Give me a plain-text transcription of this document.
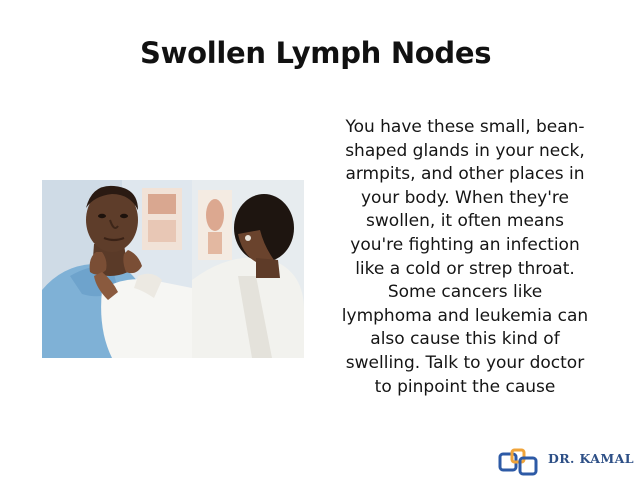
Swollen Lymph Nodes
You have these small, bean-
shaped glands in your neck,
armpits, and other places in
your body. When they're
swollen, it often means
you're fighting an infection
like a cold or strep throat.
Some cancers like
lymphoma and leukemia can
also cause this kind of
swelling. Talk to your doctor
to pinpoint the cause
DR. KAMAL
